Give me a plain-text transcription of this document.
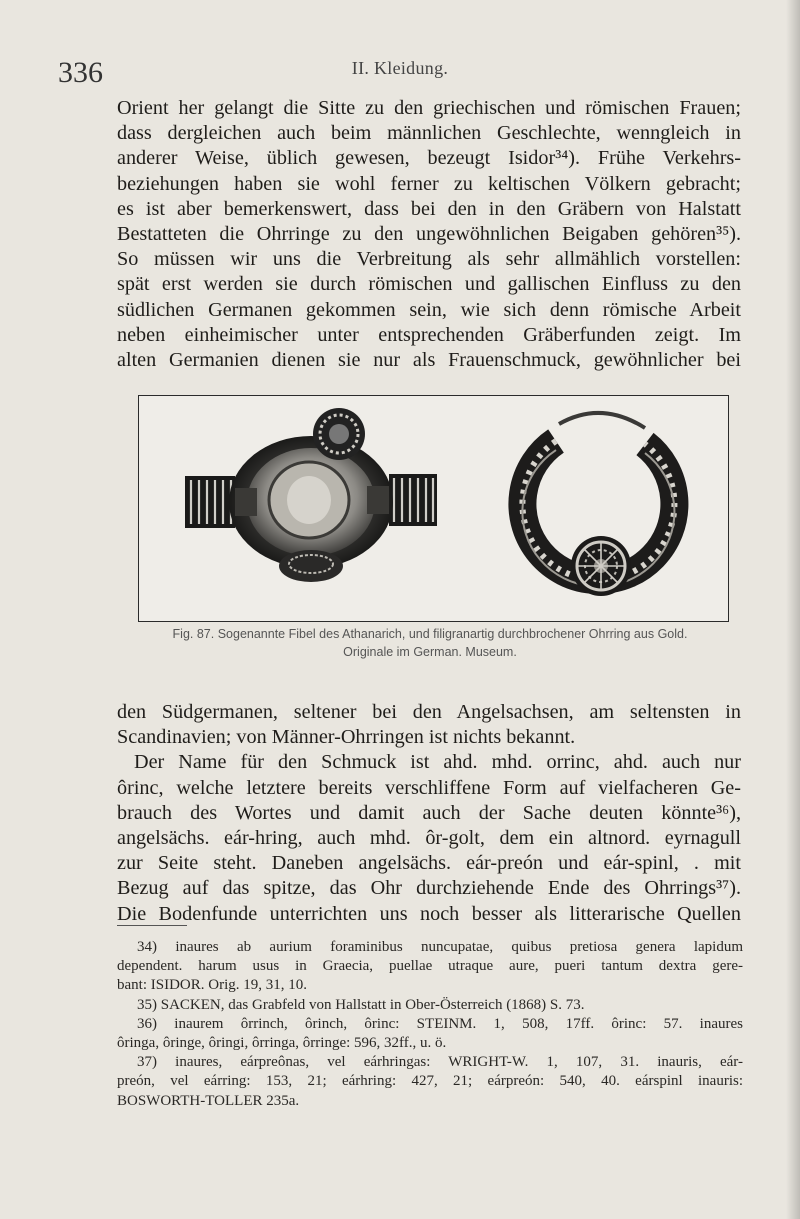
336	II. Kleidung.
Orient her gelangt die Sitte zu den griechischen und römischen Frauen;
dass dergleichen auch beim männlichen Geschlechte, wenngleich in
anderer Weise, üblich gewesen, bezeugt Isidor³⁴). Frühe Verkehrs-
beziehungen haben sie wohl ferner zu keltischen Völkern gebracht;
es ist aber bemerkenswert, dass bei den in den Gräbern von Halstatt
Bestatteten die Ohrringe zu den ungewöhnlichen Beigaben gehören³⁵).
So müssen wir uns die Verbreitung als sehr allmählich vorstellen:
spät erst werden sie durch römischen und gallischen Einfluss zu den
südlichen Germanen gekommen sein, wie sich denn römische Arbeit
neben einheimischer unter entsprechenden Gräberfunden zeigt. Im
alten Germanien dienen sie nur als Frauenschmuck, gewöhnlicher bei
Fig. 87. Sogenannte Fibel des Athanarich, und filigranartig durchbrochener Ohrring aus Gold.
Originale im German. Museum.
den Südgermanen, seltener bei den Angelsachsen, am seltensten in
Scandinavien; von Männer-Ohrringen ist nichts bekannt.
Der Name für den Schmuck ist ahd. mhd. orrinc, ahd. auch nur
ôrinc, welche letztere bereits verschliffene Form auf vielfacheren Ge-
brauch des Wortes und damit auch der Sache deuten könnte³⁶),
angelsächs. eár-hring, auch mhd. ôr-golt, dem ein altnord. eyrnagull
zur Seite steht. Daneben angelsächs. eár-preón und eár-spinl, . mit
Bezug auf das spitze, das Ohr durchziehende Ende des Ohrrings³⁷).
Die Bodenfunde unterrichten uns noch besser als litterarische Quellen
34) inaures ab aurium foraminibus nuncupatae, quibus pretiosa genera lapidum
dependent. harum usus in Graecia, puellae utraque aure, pueri tantum dextra gere-
bant: ISIDOR. Orig. 19, 31, 10.
35) SACKEN, das Grabfeld von Hallstatt in Ober-Österreich (1868) S. 73.
36) inaurem ôrrinch, ôrinch, ôrinc: STEINM. 1, 508, 17ff. ôrinc: 57. inaures
ôringa, ôringe, ôringi, ôrringa, ôrringe: 596, 32ff., u. ö.
37) inaures, eárpreônas, vel eárhringas: WRIGHT-W. 1, 107, 31. inauris, eár-
preón, vel eárring: 153, 21; eárhring: 427, 21; eárpreón: 540, 40. eárspinl inauris:
BOSWORTH-TOLLER 235a.
